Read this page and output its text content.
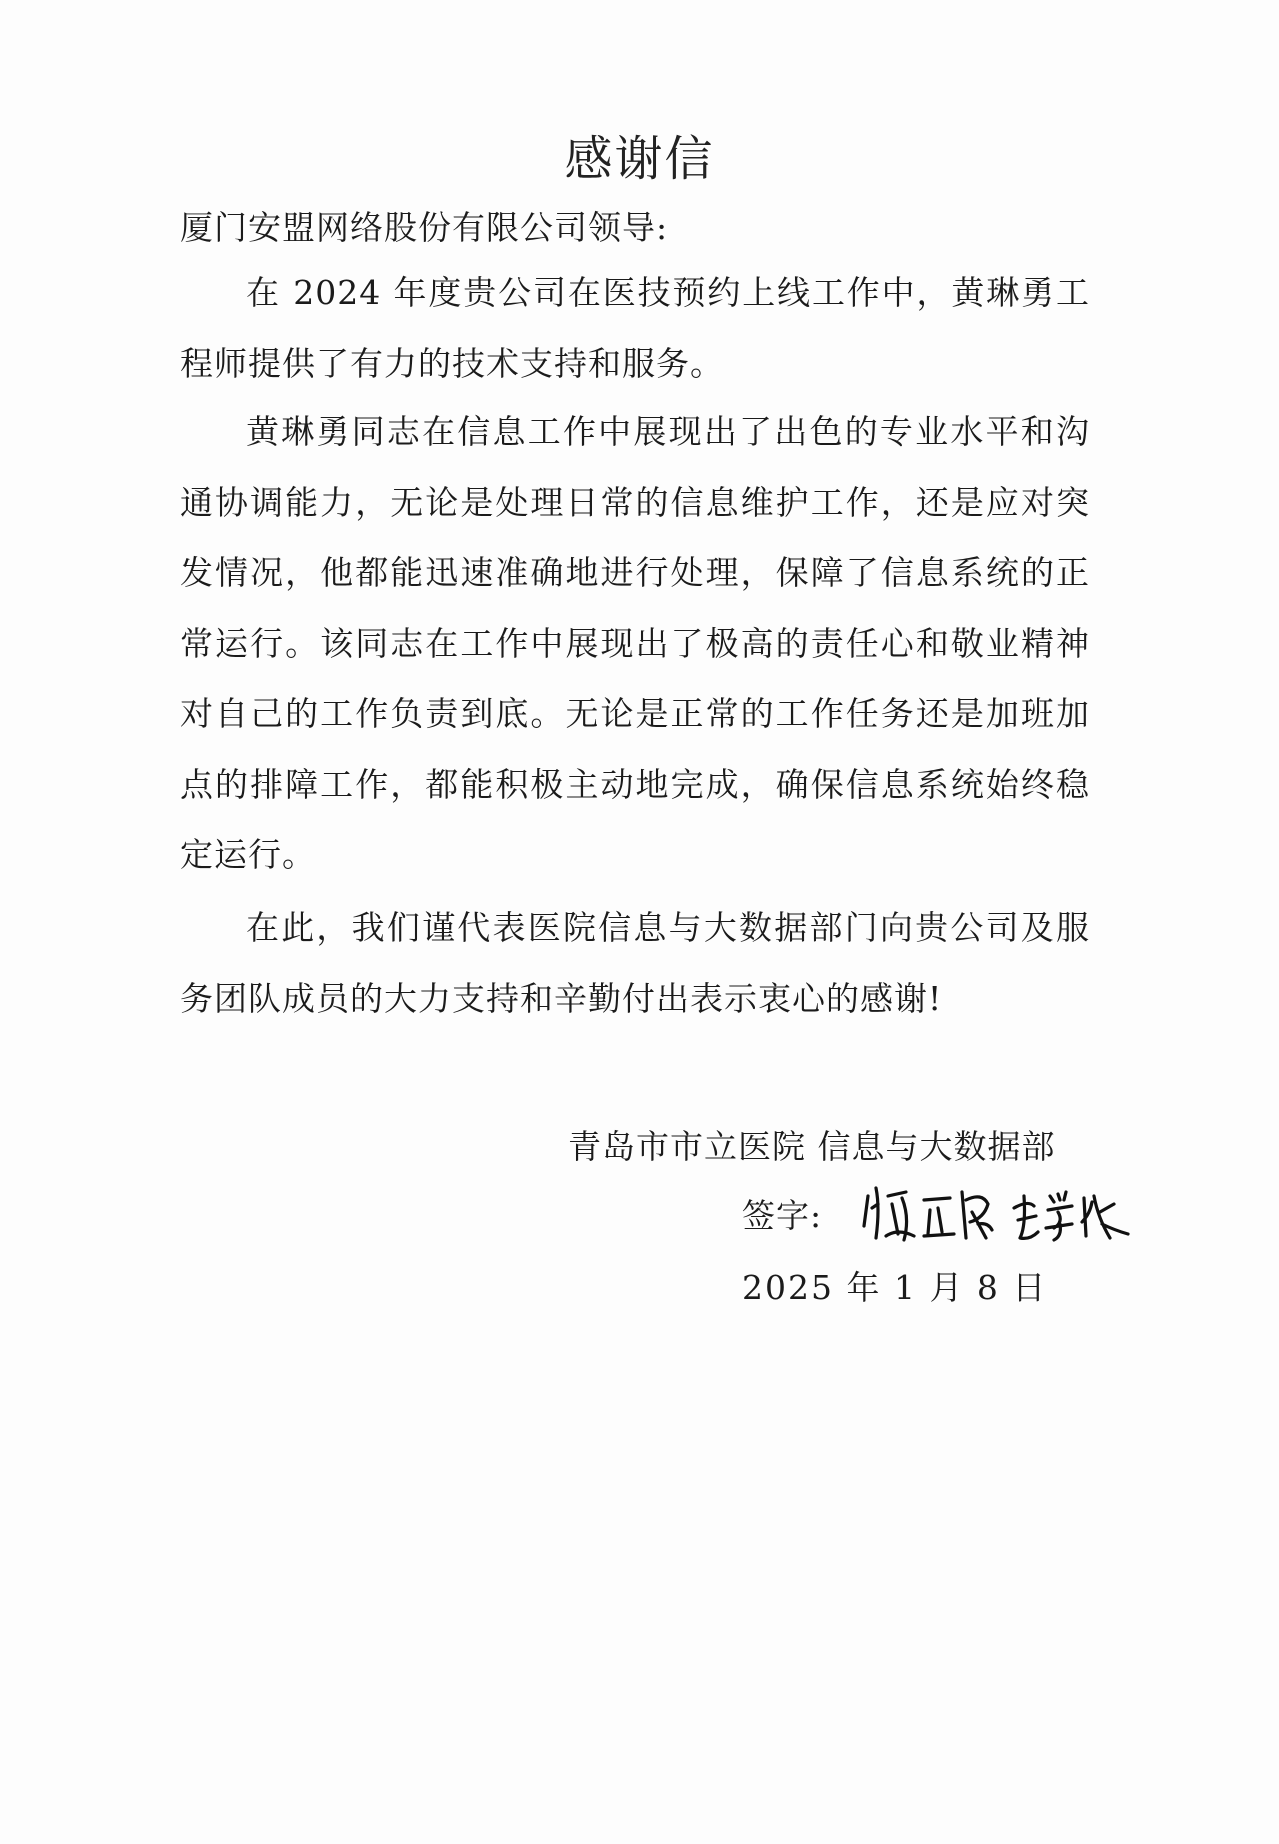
感谢信
厦门安盟网络股份有限公司领导:
在 2024 年度贵公司在医技预约上线工作中，黄琳勇工程师提供了有力的技术支持和服务。
黄琳勇同志在信息工作中展现出了出色的专业水平和沟通协调能力，无论是处理日常的信息维护工作，还是应对突发情况，他都能迅速准确地进行处理，保障了信息系统的正常运行。该同志在工作中展现出了极高的责任心和敬业精神对自己的工作负责到底。无论是正常的工作任务还是加班加点的排障工作，都能积极主动地完成，确保信息系统始终稳定运行。
在此，我们谨代表医院信息与大数据部门向贵公司及服务团队成员的大力支持和辛勤付出表示衷心的感谢!
青岛市市立医院 信息与大数据部
签字:
2025 年 1 月 8 日
